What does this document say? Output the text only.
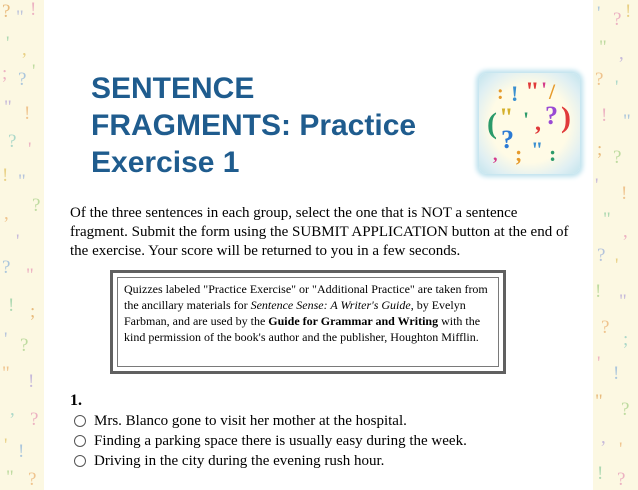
? " !
' ,
; ? '
" !
? '
! "
?
,
'
? "
! ;
' ?
" !
, ?
' !
" ?
' ? !
" ,
? '
! "
; ?
' !
"
,
? '
! "
?
;
' !
" ?
,
'
! ?
SENTENCE FRAGMENTS: Practice Exercise 1
: ! " ' /
( " ' , ? )
?
, ; " :

Of the three sentences in each group, select the one that is NOT a sentence fragment. Submit the form using the SUBMIT APPLICATION button at the end of the exercise. Your score will be returned to you in a few seconds.

Quizzes labeled "Practice Exercise" or "Additional Practice" are taken from the ancillary materials for Sentence Sense: A Writer's Guide, by Evelyn Farbman, and are used by the Guide for Grammar and Writing with the kind permission of the book's author and the publisher, Houghton Mifflin.

1.

Mrs. Blanco gone to visit her mother at the hospital.
Finding a parking space there is usually easy during the week.
Driving in the city during the evening rush hour.
